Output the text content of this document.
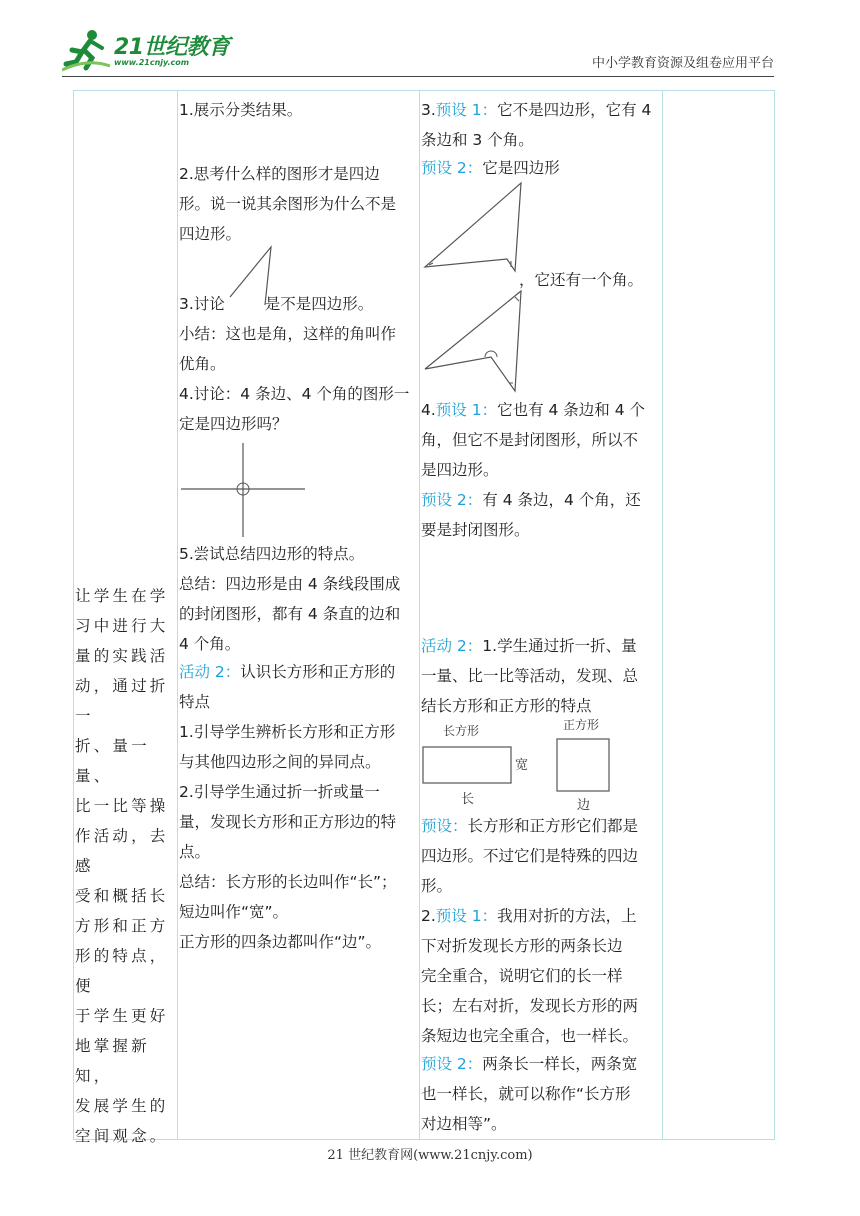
21世纪教育
www.21cnjy.com	中小学教育资源及组卷应用平台

让学生在学

习中进行大

量的实践活

动，通过折一

折、量一量、

比一比等操

作活动，去感

受和概括长

方形和正方

形的特点，便

于学生更好

地掌握新知，

发展学生的

空间观念。

1.展示分类结果。

2.思考什么样的图形才是四边

形。说一说其余图形为什么不是

四边形。

3.讨论	是不是四边形。

小结：这也是角，这样的角叫作

优角。

4.讨论：4 条边、4 个角的图形一

定是四边形吗？

5.尝试总结四边形的特点。

总结：四边形是由 4 条线段围成

的封闭图形，都有 4 条直的边和

4 个角。

活动 2：认识长方形和正方形的

特点

1.引导学生辨析长方形和正方形

与其他四边形之间的异同点。

2.引导学生通过折一折或量一

量，发现长方形和正方形边的特

点。

总结：长方形的长边叫作“长”；

短边叫作“宽”。

正方形的四条边都叫作“边”。

3.预设 1：它不是四边形，它有 4

条边和 3 个角。

预设 2：它是四边形

，它还有一个角。

4.预设 1：它也有 4 条边和 4 个

角，但它不是封闭图形，所以不

是四边形。

预设 2：有 4 条边，4 个角，还

要是封闭图形。

活动 2：1.学生通过折一折、量

一量、比一比等活动，发现、总

结长方形和正方形的特点

长方形
宽
长
正方形
边

预设：长方形和正方形它们都是

四边形。不过它们是特殊的四边

形。

2.预设 1：我用对折的方法，上

下对折发现长方形的两条长边

完全重合，说明它们的长一样

长；左右对折，发现长方形的两

条短边也完全重合，也一样长。

预设 2：两条长一样长，两条宽

也一样长，就可以称作“长方形

对边相等”。

21 世纪教育网(www.21cnjy.com)
